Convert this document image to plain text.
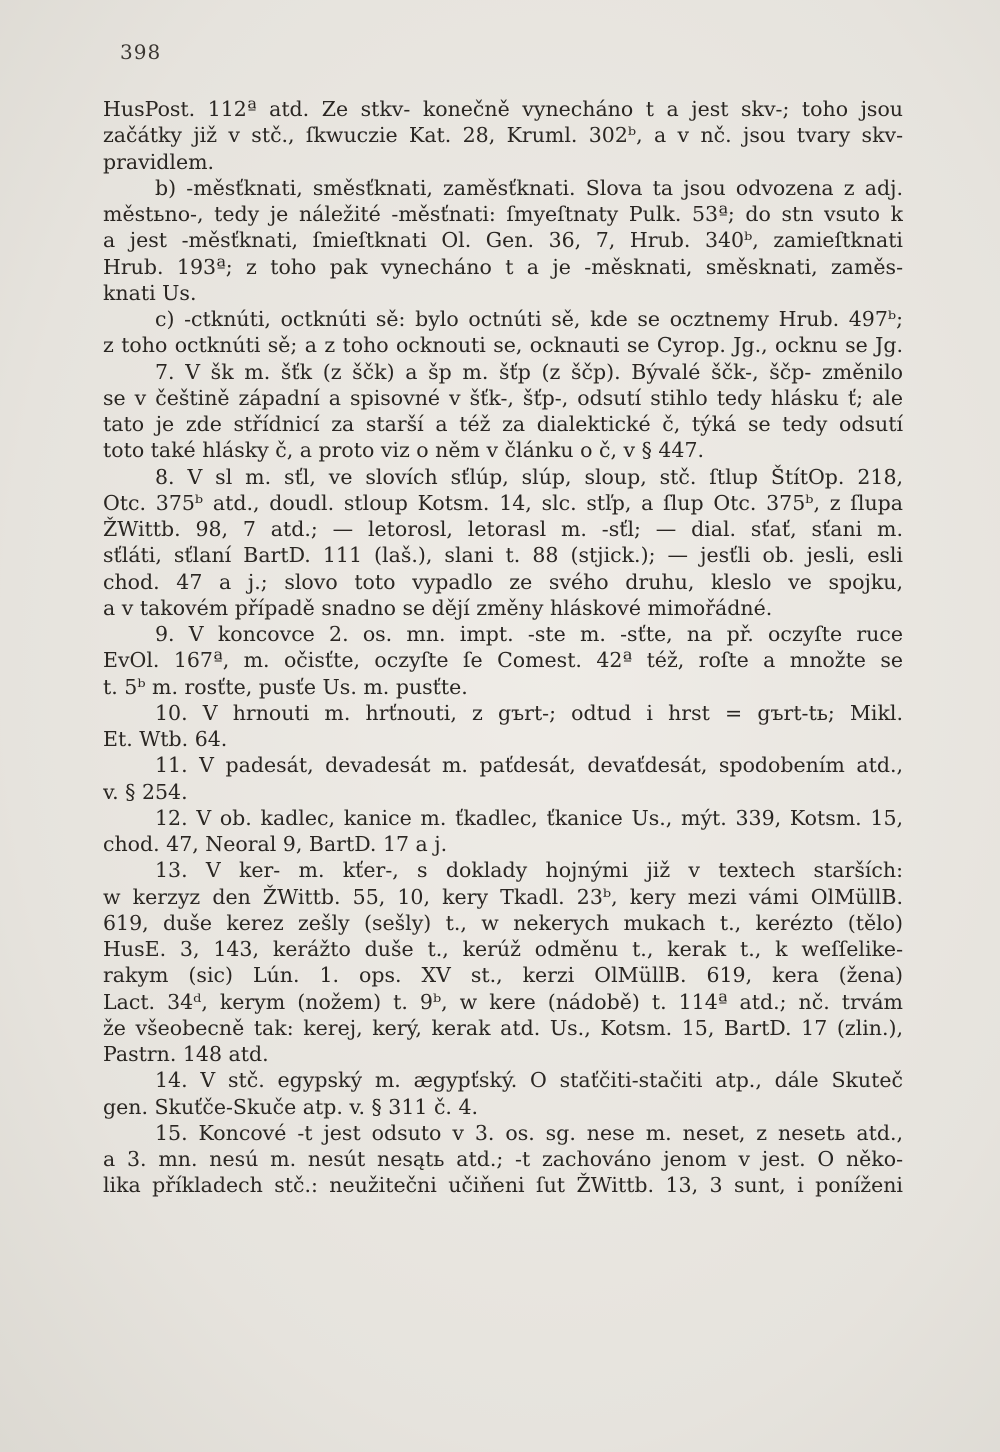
398
HusPost. 112ª atd. Ze stkv- konečně vynecháno t a jest skv-; toho jsou
začátky již v stč., ſkwuczie Kat. 28, Kruml. 302ᵇ, a v nč. jsou tvary skv-
pravidlem.
b) -měsťknati, směsťknati, zaměsťknati. Slova ta jsou odvozena z adj.
městьno-, tedy je náležité -měsťnati: ſmyeſtnaty Pulk. 53ª; do stn vsuto k
a jest -měsťknati, ſmieſtknati Ol. Gen. 36, 7, Hrub. 340ᵇ, zamieſtknati
Hrub. 193ª; z toho pak vynecháno t a je -měsknati, směsknati, zaměs-
knati Us.
c) -ctknúti, octknúti sě: bylo octnúti sě, kde se ocztnemy Hrub. 497ᵇ;
z toho octknúti sě; a z toho ocknouti se, ocknauti se Cyrop. Jg., ocknu se Jg.
7. V šk m. šťk (z ščk) a šp m. šťp (z ščp). Bývalé ščk-, ščp- změnilo
se v češtině západní a spisovné v šťk-, šťp-, odsutí stihlo tedy hlásku ť; ale
tato je zde střídnicí za starší a též za dialektické č, týká se tedy odsutí
toto také hlásky č, a proto viz o něm v článku o č, v § 447.
8. V sl m. sťl, ve slovích sťlúp, slúp, sloup, stč. ſtlup ŠtítOp. 218,
Otc. 375ᵇ atd., doudl. stloup Kotsm. 14, slc. stľp, a ſlup Otc. 375ᵇ, z ſlupa
ŽWittb. 98, 7 atd.; — letorosl, letorasl m. -sťl; — dial. sťať, sťani m.
sťláti, sťlaní BartD. 111 (laš.), slani t. 88 (stjick.); — jesťli ob. jesli, esli
chod. 47 a j.; slovo toto vypadlo ze svého druhu, kleslo ve spojku,
a v takovém případě snadno se dějí změny hláskové mimořádné.
9. V koncovce 2. os. mn. impt. -ste m. -sťte, na př. oczyſte ruce
EvOl. 167ª, m. očisťte, oczyſte ſe Comest. 42ª též, roſte a množte se
t. 5ᵇ m. rosťte, pusťe Us. m. pusťte.
10. V hrnouti m. hrťnouti, z gъrt-; odtud i hrst = gъrt-tь; Mikl.
Et. Wtb. 64.
11. V padesát, devadesát m. paťdesát, devaťdesát, spodobením atd.,
v. § 254.
12. V ob. kadlec, kanice m. ťkadlec, ťkanice Us., mýt. 339, Kotsm. 15,
chod. 47, Neoral 9, BartD. 17 a j.
13. V ker- m. kťer-, s doklady hojnými již v textech starších:
w kerzyz den ŽWittb. 55, 10, kery Tkadl. 23ᵇ, kery mezi vámi OlMüllB.
619, duše kerez zešly (sešly) t., w nekerych mukach t., kerézto (tělo)
HusE. 3, 143, kerážto duše t., kerúž odměnu t., kerak t., k weſſelike-
rakym (sic) Lún. 1. ops. XV st., kerzi OlMüllB. 619, kera (žena)
Lact. 34ᵈ, kerym (nožem) t. 9ᵇ, w kere (nádobě) t. 114ª atd.; nč. trvám
že všeobecně tak: kerej, kerý, kerak atd. Us., Kotsm. 15, BartD. 17 (zlin.),
Pastrn. 148 atd.
14. V stč. egypský m. ægypťský. O staťčiti-stačiti atp., dále Skuteč
gen. Skuťče-Skuče atp. v. § 311 č. 4.
15. Koncové -t jest odsuto v 3. os. sg. nese m. neset, z nesetь atd.,
a 3. mn. nesú m. nesút nesątь atd.; -t zachováno jenom v jest. O něko-
lika příkladech stč.: neužitečni učiňeni ſut ŽWittb. 13, 3 sunt, i poníženi
